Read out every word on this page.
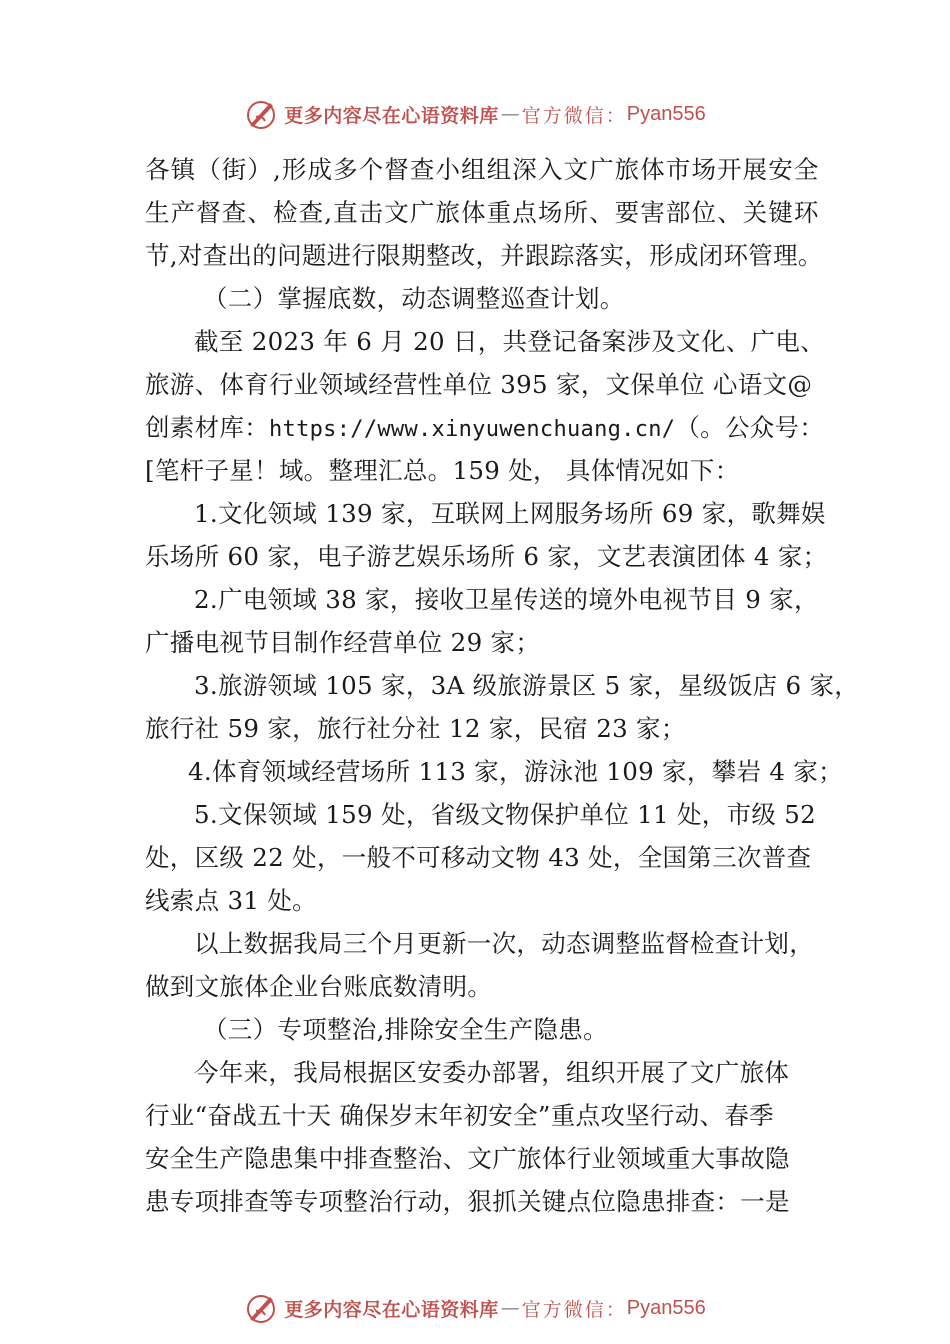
更多内容尽在心语资料库 — 官方微信： Pyan556
各镇（街）,形成多个督查小组组深入文广旅体市场开展安全
生产督查、检查,直击文广旅体重点场所、要害部位、关键环
节,对查出的问题进行限期整改，并跟踪落实，形成闭环管理。
（二）掌握底数，动态调整巡查计划。
截至 2023 年 6 月 20 日，共登记备案涉及文化、广电、
旅游、体育行业领域经营性单位 395 家，文保单位 心语文@
创素材库：https://www.xinyuwenchuang.cn/（。公众号：
[笔杆子星！域。整理汇总。159 处， 具体情况如下：
1.文化领域 139 家，互联网上网服务场所 69 家，歌舞娱
乐场所 60 家，电子游艺娱乐场所 6 家，文艺表演团体 4 家；
2.广电领域 38 家，接收卫星传送的境外电视节目 9 家，
广播电视节目制作经营单位 29 家；
3.旅游领域 105 家，3A 级旅游景区 5 家，星级饭店 6 家，
旅行社 59 家，旅行社分社 12 家，民宿 23 家；
4.体育领域经营场所 113 家，游泳池 109 家，攀岩 4 家；
5.文保领域 159 处，省级文物保护单位 11 处，市级 52
处，区级 22 处，一般不可移动文物 43 处，全国第三次普查
线索点 31 处。
以上数据我局三个月更新一次，动态调整监督检查计划，
做到文旅体企业台账底数清明。
（三）专项整治,排除安全生产隐患。
今年来，我局根据区安委办部署，组织开展了文广旅体
行业“奋战五十天 确保岁末年初安全”重点攻坚行动、春季
安全生产隐患集中排查整治、文广旅体行业领域重大事故隐
患专项排查等专项整治行动，狠抓关键点位隐患排查：一是
更多内容尽在心语资料库 — 官方微信： Pyan556
